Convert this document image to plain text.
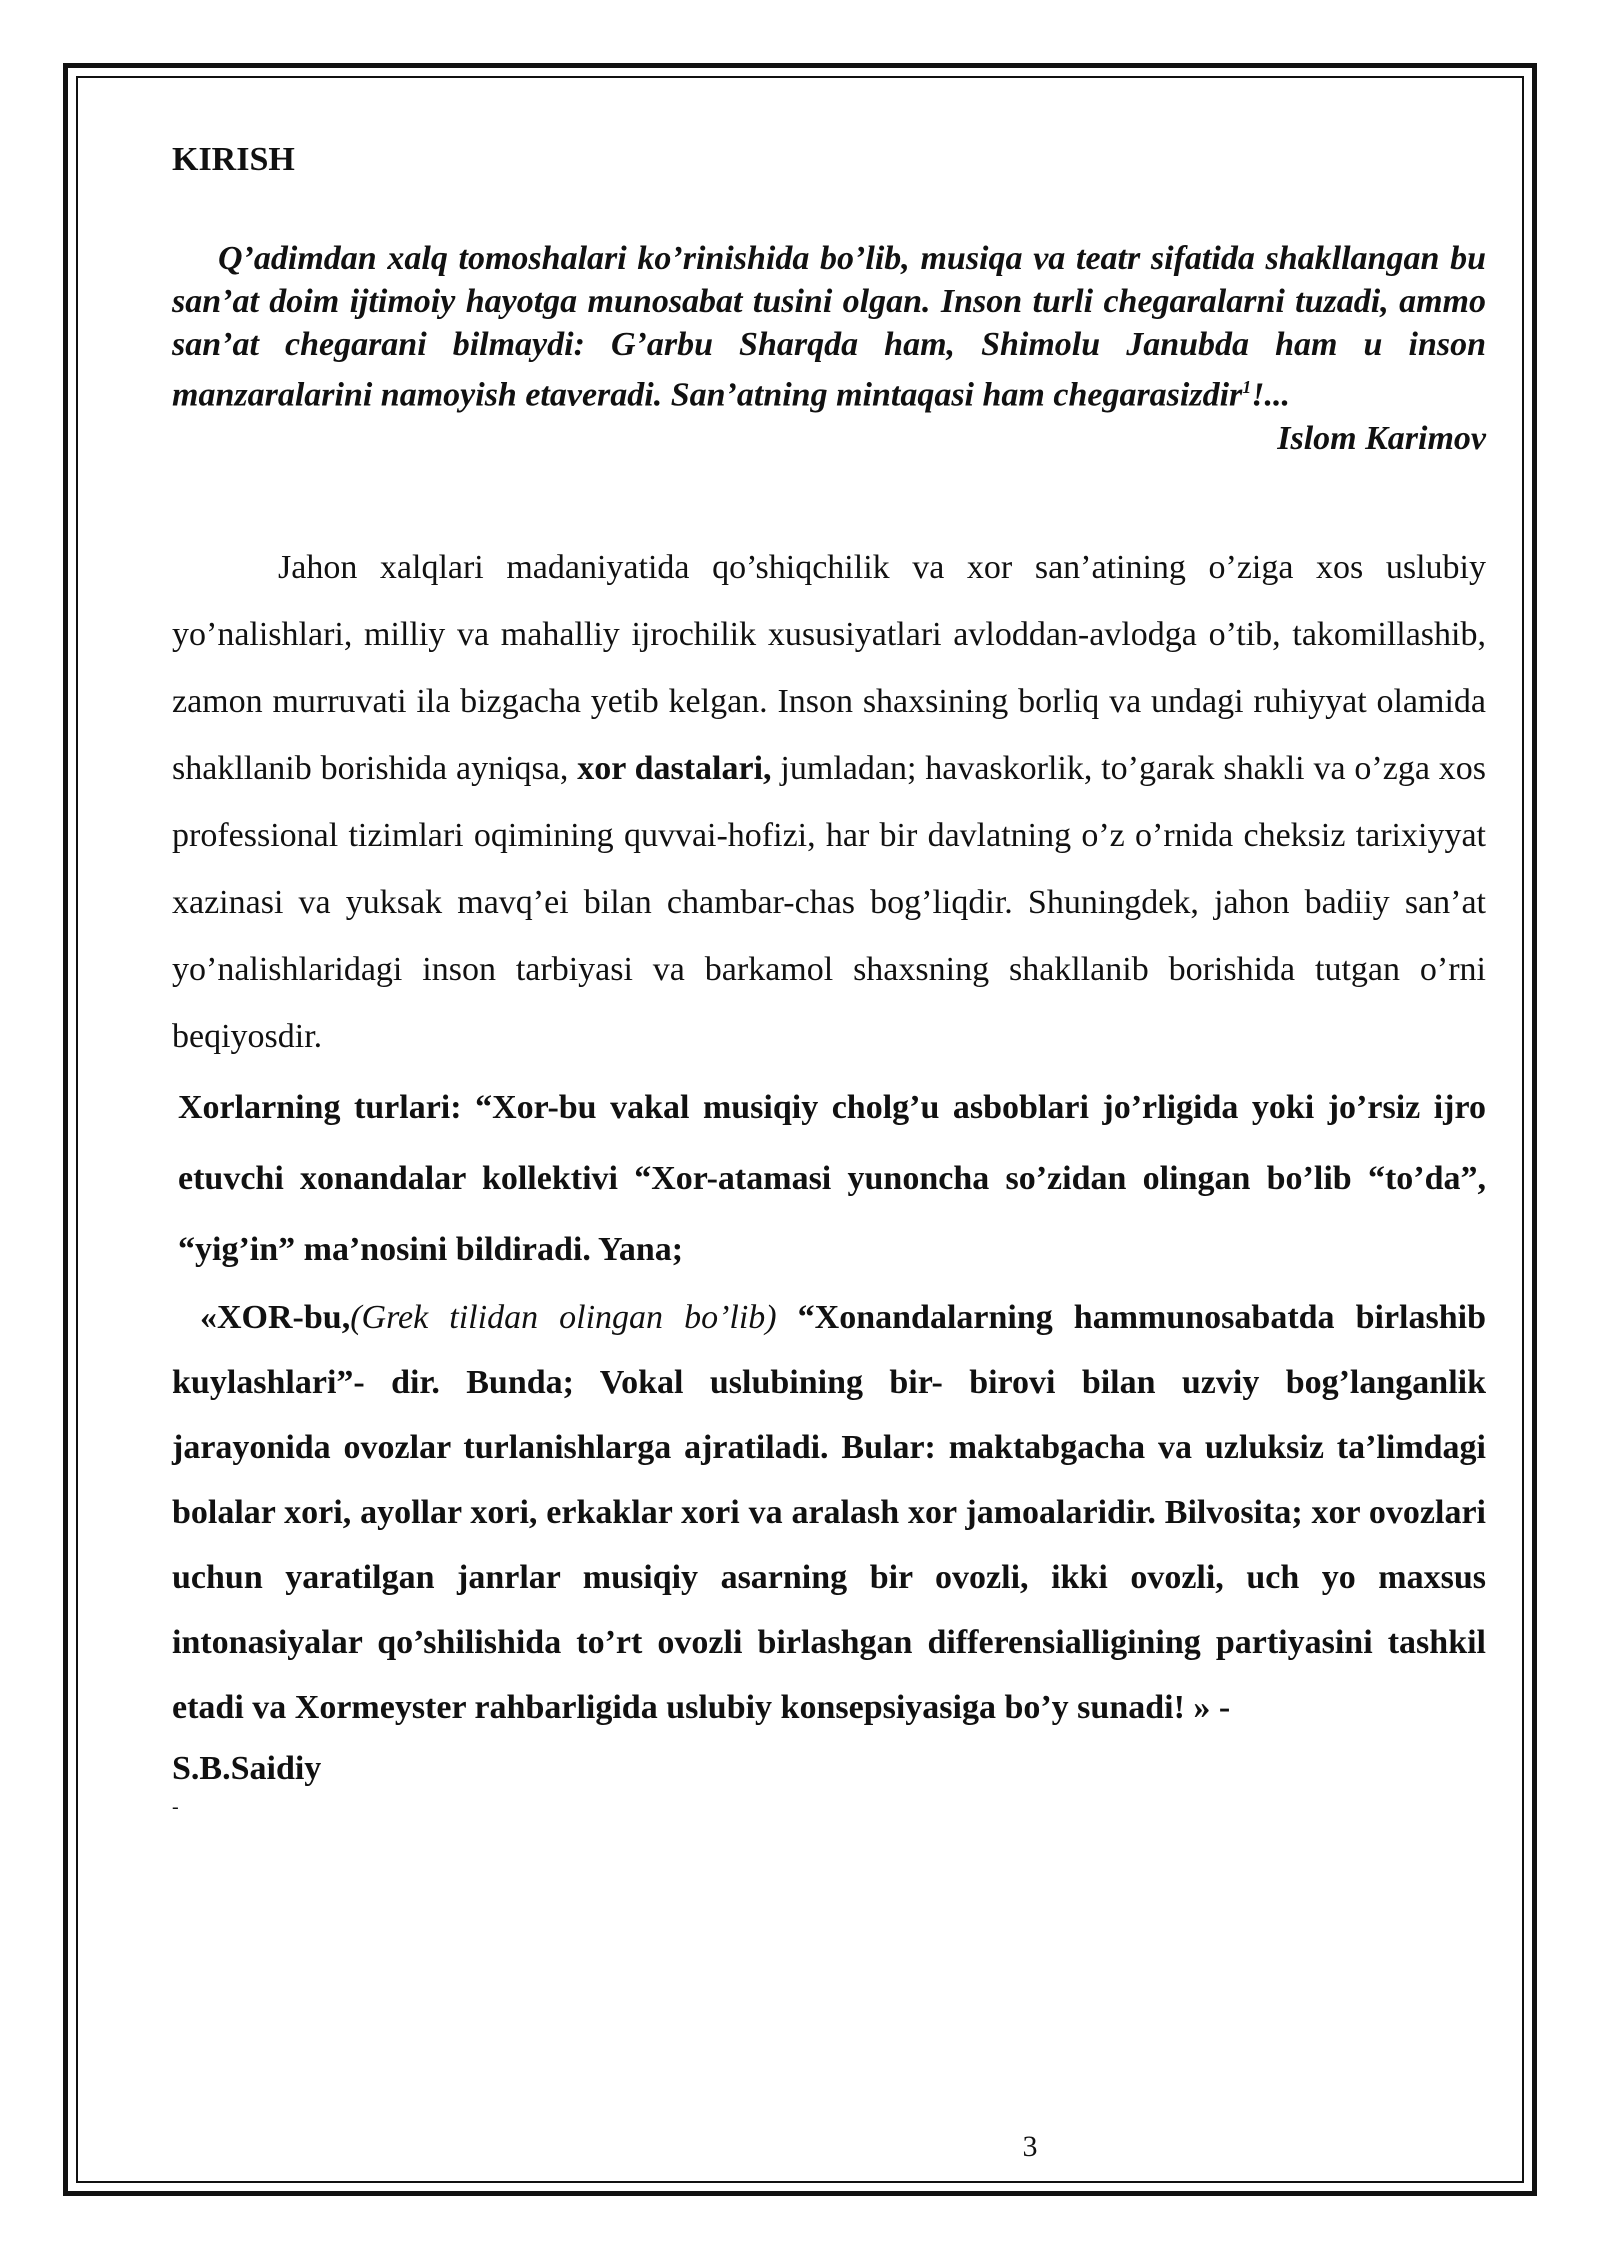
KIRISH
Q’adimdan xalq tomoshalari ko’rinishida bo’lib, musiqa va teatr sifatida shakllangan bu san’at doim ijtimoiy hayotga munosabat tusini olgan. Inson turli chegaralarni tuzadi, ammo san’at chegarani bilmaydi: G’arbu Sharqda ham, Shimolu Janubda ham u inson manzaralarini namoyish etaveradi. San’atning mintaqasi ham chegarasizdir$^1$!...
Islom Karimov
Jahon xalqlari madaniyatida qo’shiqchilik va xor san’atining o’ziga xos uslubiy yo’nalishlari, milliy va mahalliy ijrochilik xususiyatlari avloddan-avlodga o’tib, takomillashib, zamon murruvati ila bizgacha yetib kelgan. Inson shaxsining borliq va undagi ruhiyyat olamida shakllanib borishida ayniqsa, xor dastalari, jumladan; havaskorlik, to’garak shakli va o’zga xos professional tizimlari oqimining quvvai-hofizi, har bir davlatning o’z o’rnida cheksiz tarixiyyat xazinasi va yuksak mavq’ei bilan chambar-chas bog’liqdir. Shuningdek, jahon badiiy san’at yo’nalishlaridagi inson tarbiyasi va barkamol shaxsning shakllanib borishida tutgan o’rni beqiyosdir.
Xorlarning turlari: “Xor-bu vakal musiqiy cholg’u asboblari jo’rligida yoki jo’rsiz ijro etuvchi xonandalar kollektivi “Xor-atamasi yunoncha so’zidan olingan bo’lib “to’da”, “yig’in” ma’nosini bildiradi. Yana;
«XOR-bu,(Grek tilidan olingan bo’lib) “Xonandalarning hammunosabatda birlashib kuylashlari”- dir. Bunda; Vokal uslubining bir- birovi bilan uzviy bog’langanlik jarayonida ovozlar turlanishlarga ajratiladi. Bular: maktabgacha va uzluksiz ta’limdagi bolalar xori, ayollar xori, erkaklar xori va aralash xor jamoalaridir. Bilvosita; xor ovozlari uchun yaratilgan janrlar musiqiy asarning bir ovozli, ikki ovozli, uch yo maxsus intonasiyalar qo’shilishida to’rt ovozli birlashgan differensialligining partiyasini tashkil etadi va Xormeyster rahbarligida uslubiy konsepsiyasiga bo’y sunadi! » -
S.B.Saidiy
-
3
